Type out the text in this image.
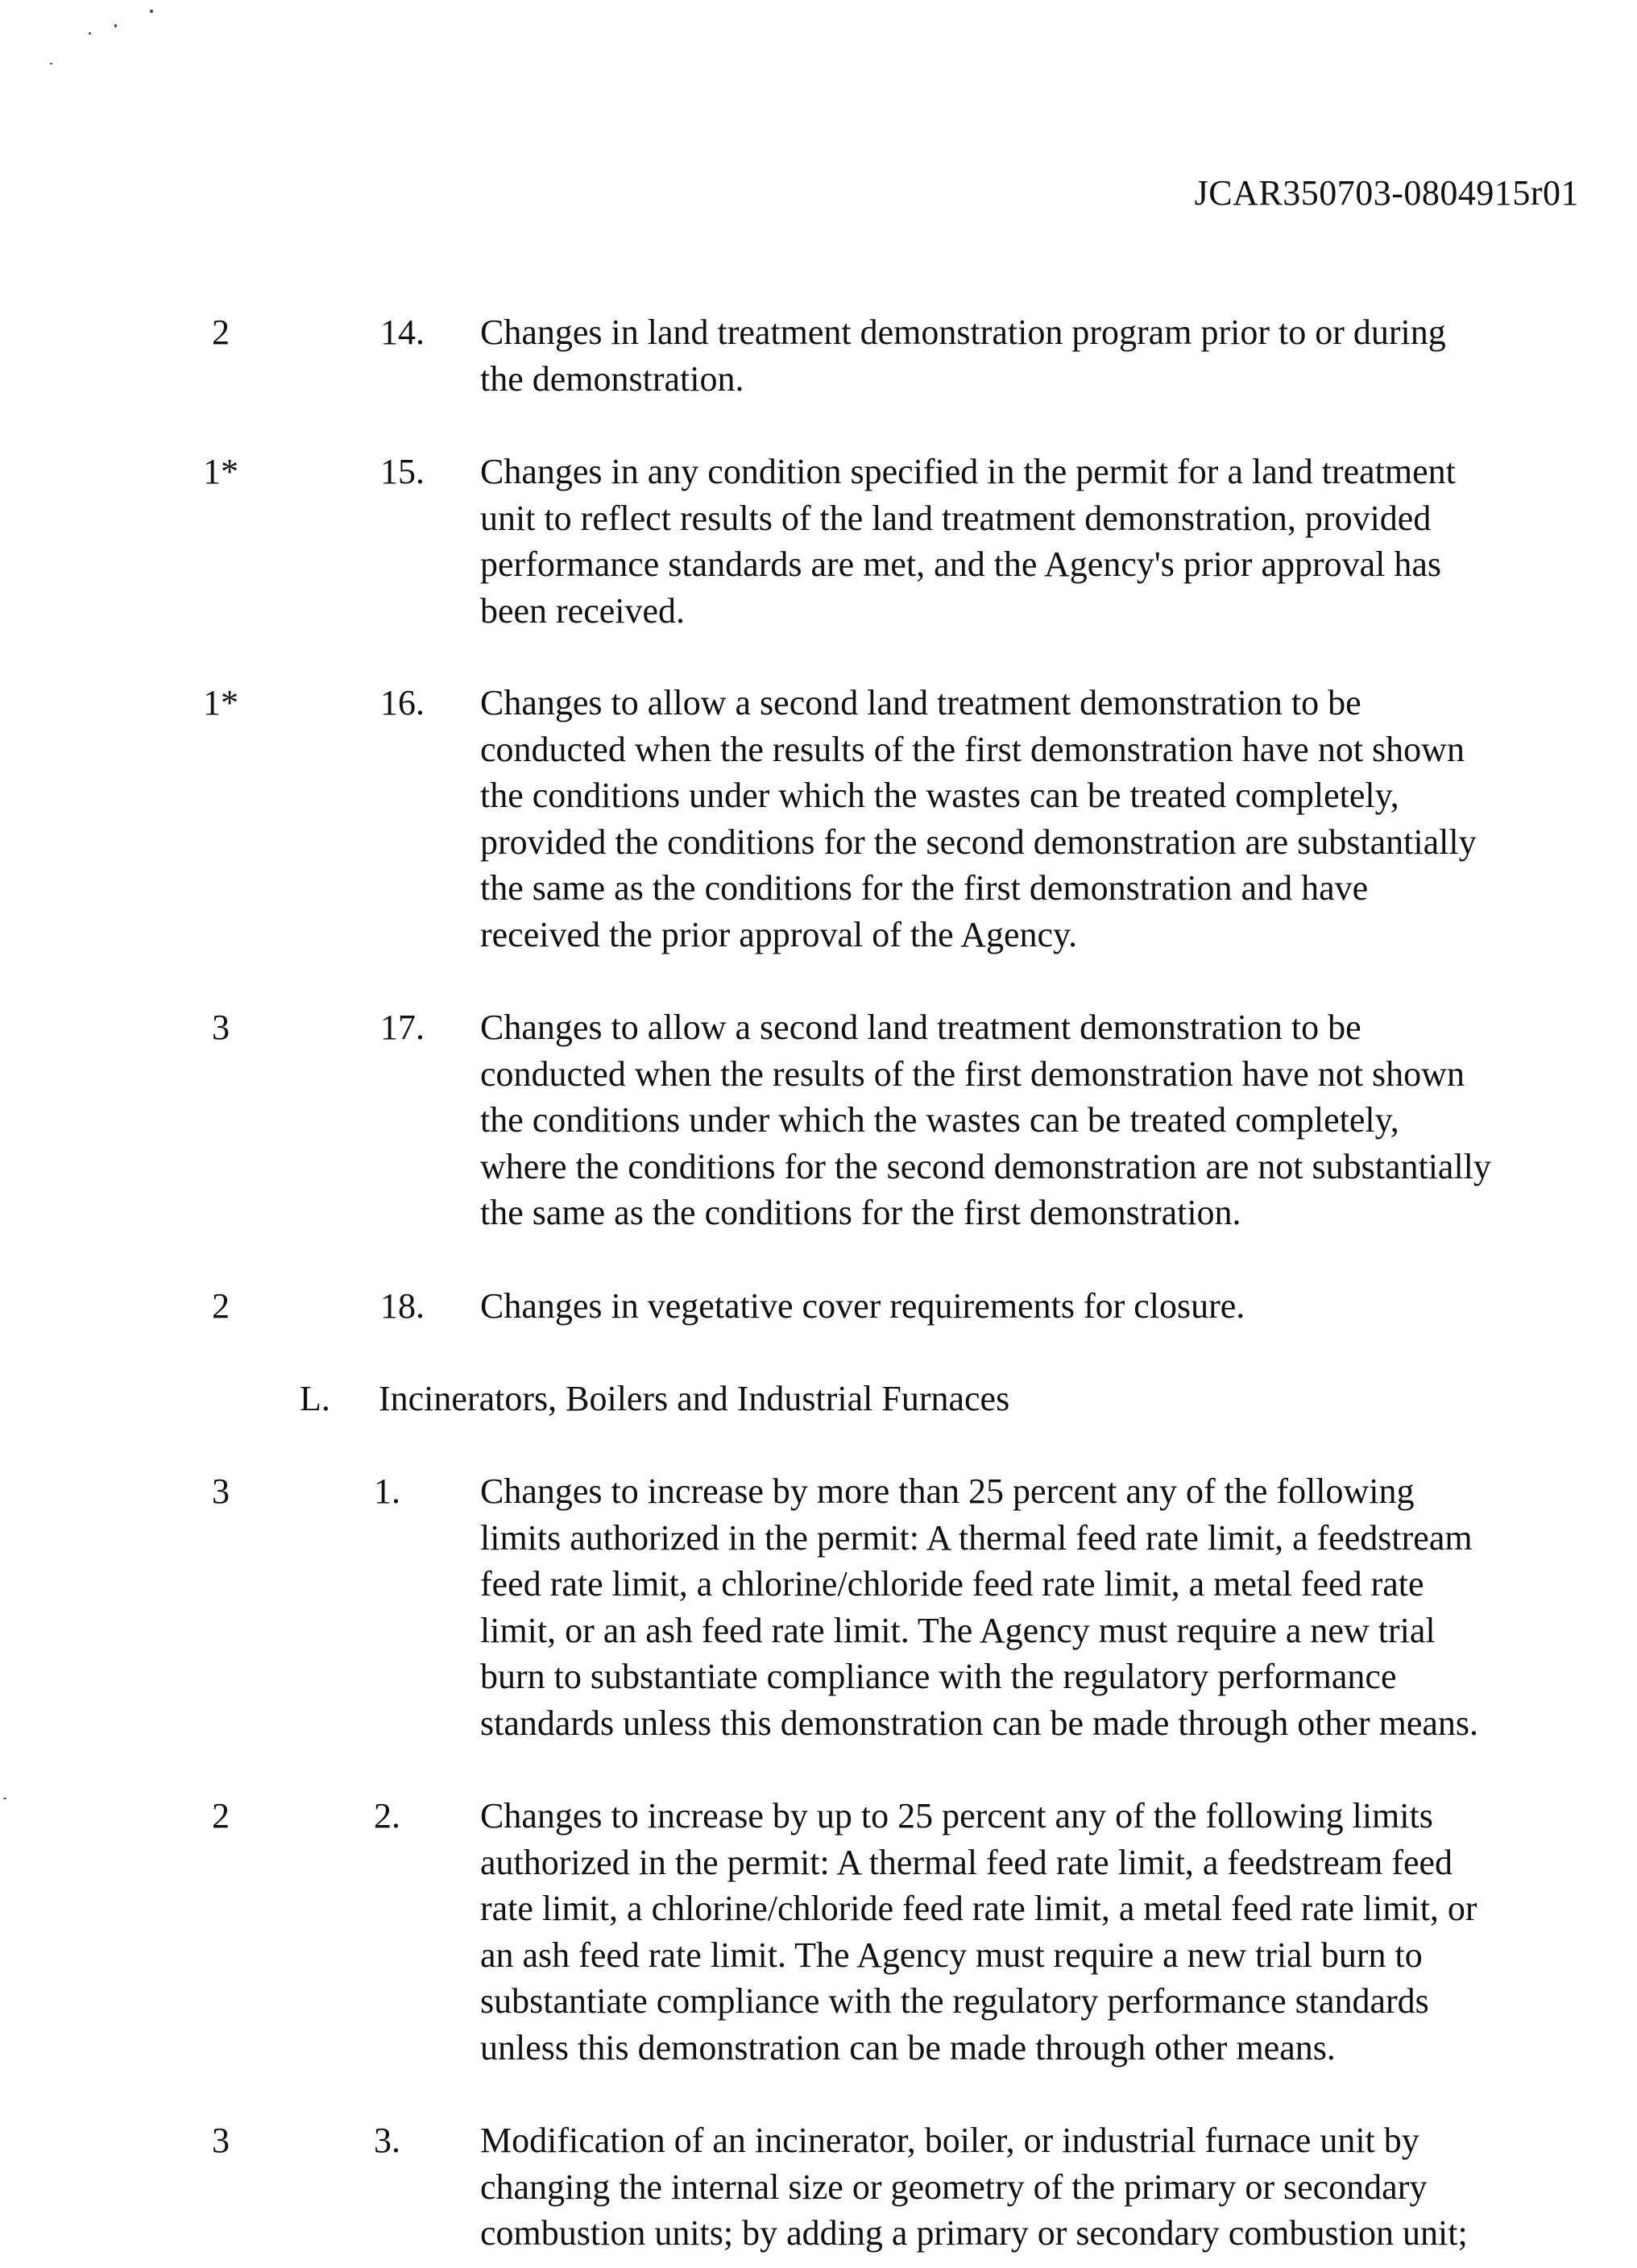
JCAR350703-0804915r01
2	14. Changes in land treatment demonstration program prior to or during
the demonstration.
1*	15. Changes in any condition specified in the permit for a land treatment
unit to reflect results of the land treatment demonstration, provided
performance standards are met, and the Agency's prior approval has
been received.
1*	16. Changes to allow a second land treatment demonstration to be
conducted when the results of the first demonstration have not shown
the conditions under which the wastes can be treated completely,
provided the conditions for the second demonstration are substantially
the same as the conditions for the first demonstration and have
received the prior approval of the Agency.
3	17. Changes to allow a second land treatment demonstration to be
conducted when the results of the first demonstration have not shown
the conditions under which the wastes can be treated completely,
where the conditions for the second demonstration are not substantially
the same as the conditions for the first demonstration.
2	18. Changes in vegetative cover requirements for closure.
L. Incinerators, Boilers and Industrial Furnaces
3	1. Changes to increase by more than 25 percent any of the following
limits authorized in the permit: A thermal feed rate limit, a feedstream
feed rate limit, a chlorine/chloride feed rate limit, a metal feed rate
limit, or an ash feed rate limit. The Agency must require a new trial
burn to substantiate compliance with the regulatory performance
standards unless this demonstration can be made through other means.
2	2. Changes to increase by up to 25 percent any of the following limits
authorized in the permit: A thermal feed rate limit, a feedstream feed
rate limit, a chlorine/chloride feed rate limit, a metal feed rate limit, or
an ash feed rate limit. The Agency must require a new trial burn to
substantiate compliance with the regulatory performance standards
unless this demonstration can be made through other means.
3	3. Modification of an incinerator, boiler, or industrial furnace unit by
changing the internal size or geometry of the primary or secondary
combustion units; by adding a primary or secondary combustion unit;
